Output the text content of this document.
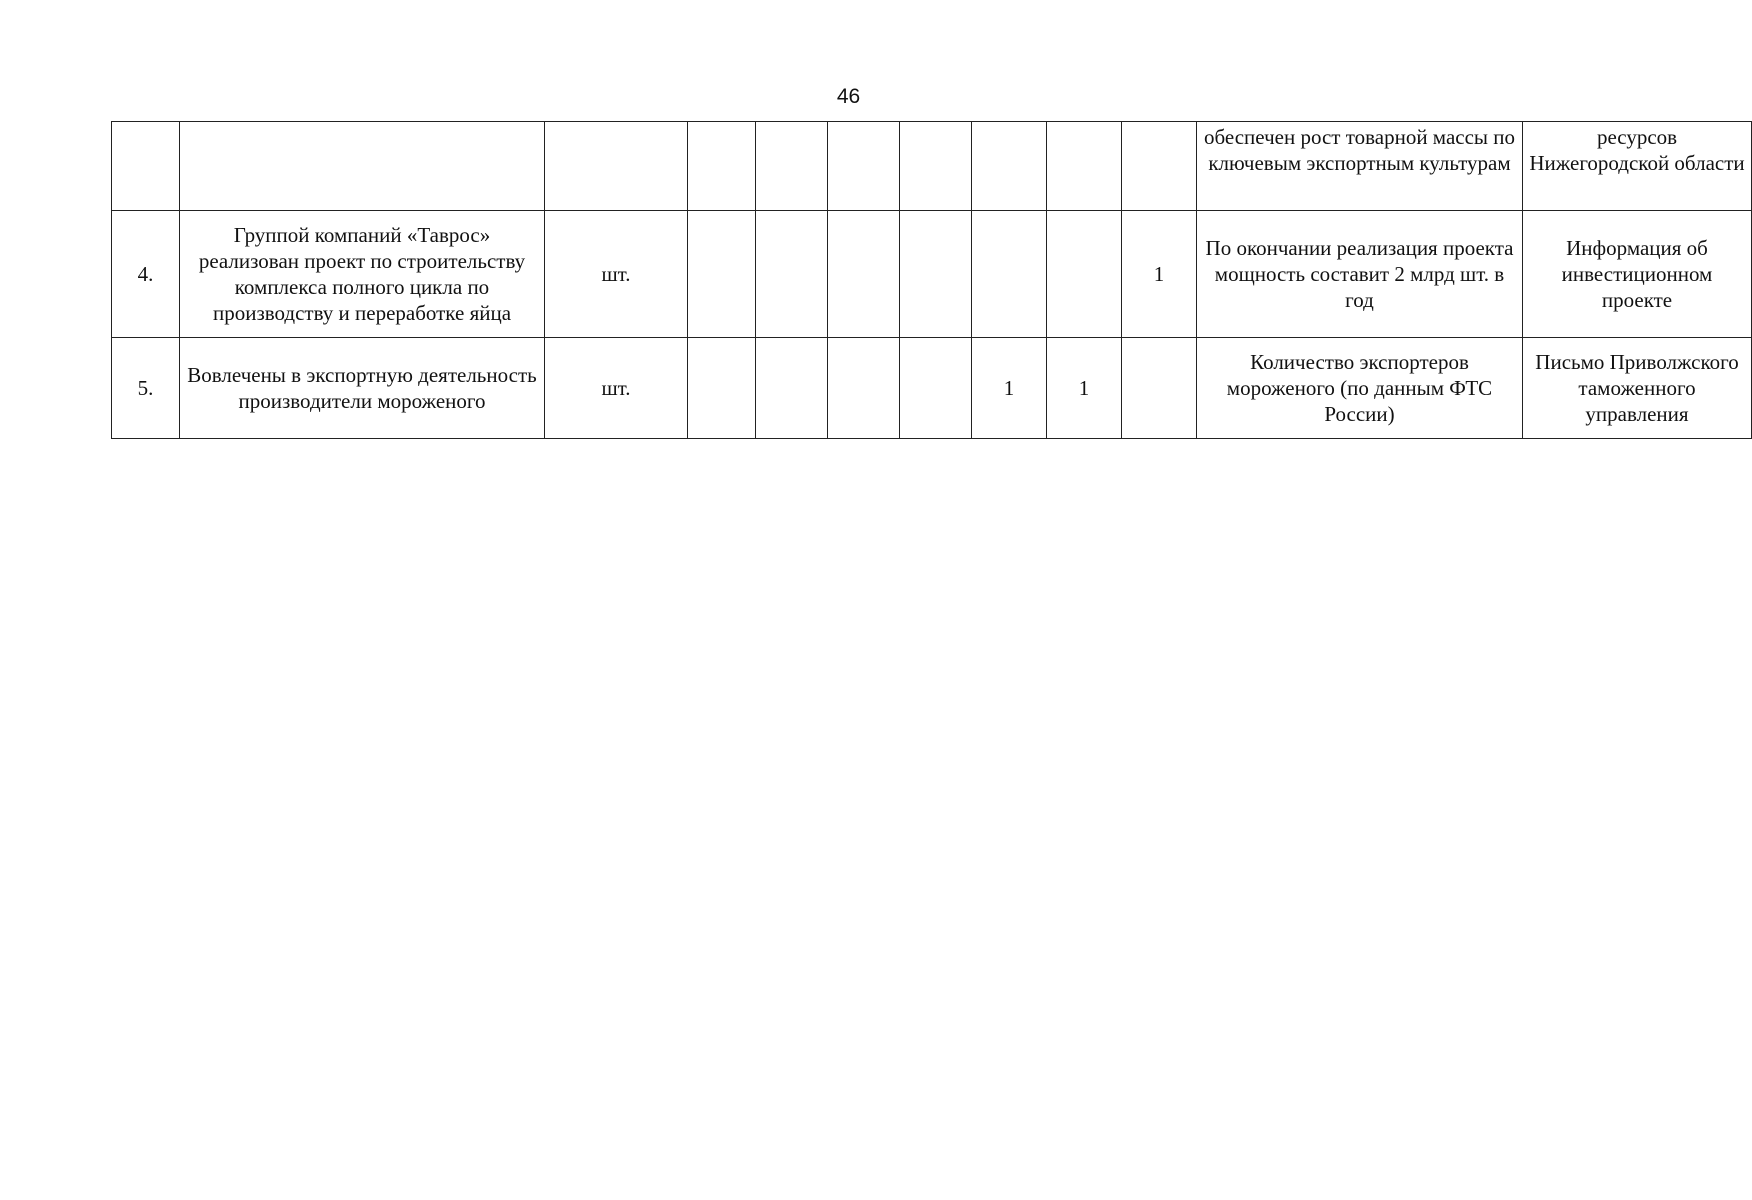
46
										обеспечен рост товарной массы по ключевым экспортным культурам	ресурсов Нижегородской области
4.	Группой компаний «Таврос» реализован проект по строительству комплекса полного цикла по производству и переработке яйца	шт.							1	По окончании реализация проекта мощность составит 2 млрд шт. в год	Информация об инвестиционном проекте
5.	Вовлечены в экспортную деятельность производители мороженого	шт.					1	1		Количество экспортеров мороженого (по данным ФТС России)	Письмо Приволжского таможенного управления
